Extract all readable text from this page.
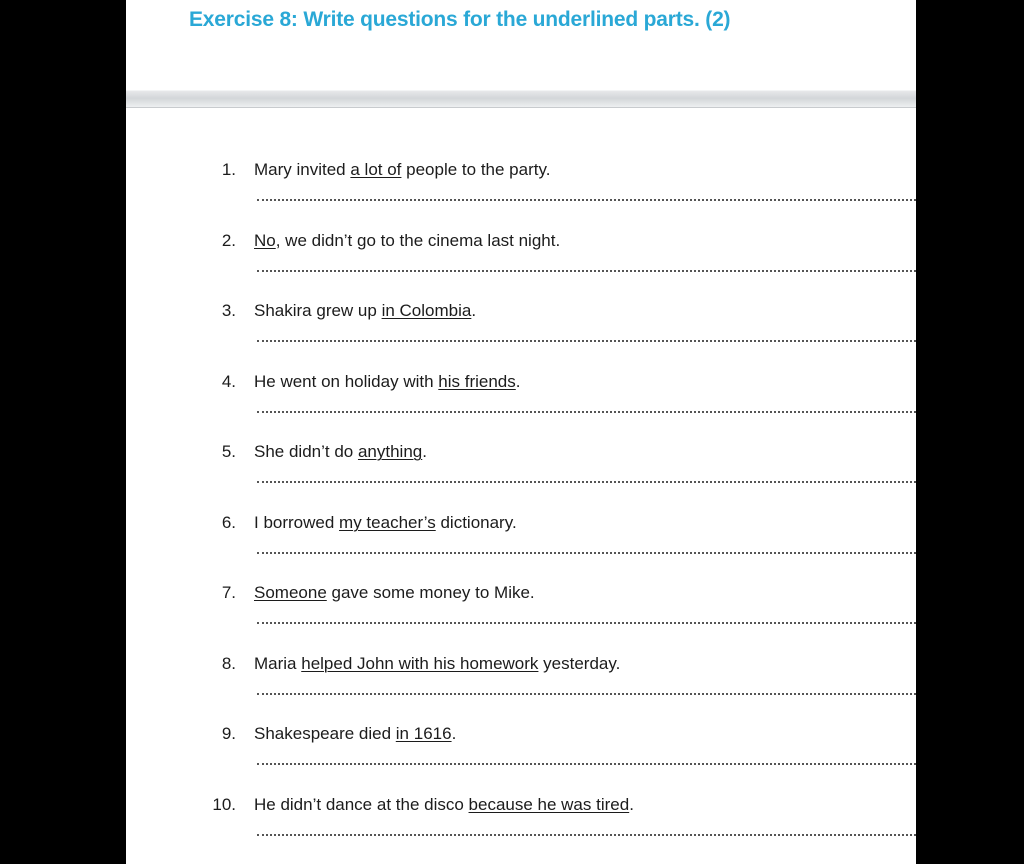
Exercise 8: Write questions for the underlined parts. (2)
1. Mary invited a lot of people to the party.
2. No, we didn’t go to the cinema last night.
3. Shakira grew up in Colombia.
4. He went on holiday with his friends.
5. She didn’t do anything.
6. I borrowed my teacher’s dictionary.
7. Someone gave some money to Mike.
8. Maria helped John with his homework yesterday.
9. Shakespeare died in 1616.
10. He didn’t dance at the disco because he was tired.
